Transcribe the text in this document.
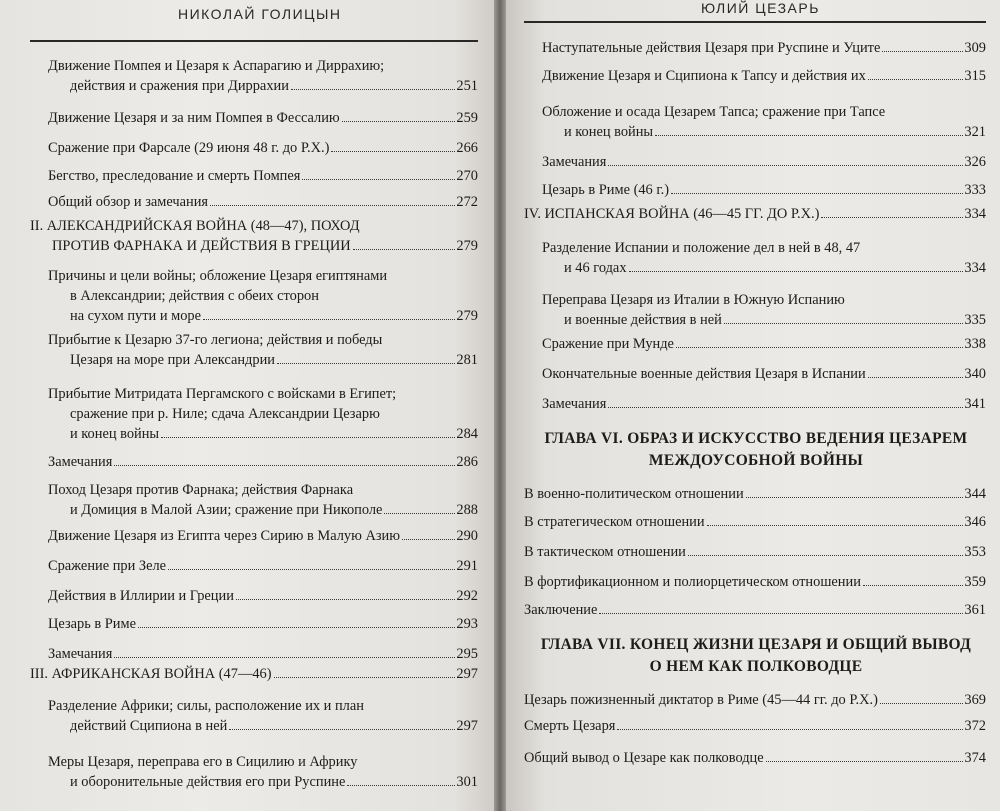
НИКОЛАЙ ГОЛИЦЫН
Движение Помпея и Цезаря к Аспарагию и Диррахию;
действия и сражения при Диррахии	251
Движение Цезаря и за ним Помпея в Фессалию	259
Сражение при Фарсале (29 июня 48 г. до Р.Х.)	266
Бегство, преследование и смерть Помпея	270
Общий обзор и замечания	272
II. АЛЕКСАНДРИЙСКАЯ ВОЙНА (48—47), ПОХОД
ПРОТИВ ФАРНАКА И ДЕЙСТВИЯ В ГРЕЦИИ	279
Причины и цели войны; обложение Цезаря египтянами
в Александрии; действия с обеих сторон
на сухом пути и море	279
Прибытие к Цезарю 37-го легиона; действия и победы
Цезаря на море при Александрии	281
Прибытие Митридата Пергамского с войсками в Египет;
сражение при р. Ниле; сдача Александрии Цезарю
и конец войны	284
Замечания	286
Поход Цезаря против Фарнака; действия Фарнака
и Домиция в Малой Азии; сражение при Никополе	288
Движение Цезаря из Египта через Сирию в Малую Азию	290
Сражение при Зеле	291
Действия в Иллирии и Греции	292
Цезарь в Риме	293
Замечания	295
III. АФРИКАНСКАЯ ВОЙНА (47—46)	297
Разделение Африки; силы, расположение их и план
действий Сципиона в ней	297
Меры Цезаря, переправа его в Сицилию и Африку
и оборонительные действия его при Руспине	301
ЮЛИЙ ЦЕЗАРЬ
Наступательные действия Цезаря при Руспине и Уците	309
Движение Цезаря и Сципиона к Тапсу и действия их	315
Обложение и осада Цезарем Тапса; сражение при Тапсе
и конец войны	321
Замечания	326
Цезарь в Риме (46 г.)	333
IV. ИСПАНСКАЯ ВОЙНА (46—45 ГГ. ДО Р.Х.)	334
Разделение Испании и положение дел в ней в 48, 47
и 46 годах	334
Переправа Цезаря из Италии в Южную Испанию
и военные действия в ней	335
Сражение при Мунде	338
Окончательные военные действия Цезаря в Испании	340
Замечания	341
В военно-политическом отношении	344
В стратегическом отношении	346
В тактическом отношении	353
В фортификационном и полиорцетическом отношении	359
Заключение	361
Цезарь пожизненный диктатор в Риме (45—44 гг. до Р.Х.)	369
Смерть Цезаря	372
Общий вывод о Цезаре как полководце	374
ГЛАВА VI. ОБРАЗ И ИСКУССТВО ВЕДЕНИЯ ЦЕЗАРЕМ
МЕЖДОУСОБНОЙ ВОЙНЫ
ГЛАВА VII. КОНЕЦ ЖИЗНИ ЦЕЗАРЯ И ОБЩИЙ ВЫВОД
О НЕМ КАК ПОЛКОВОДЦЕ
